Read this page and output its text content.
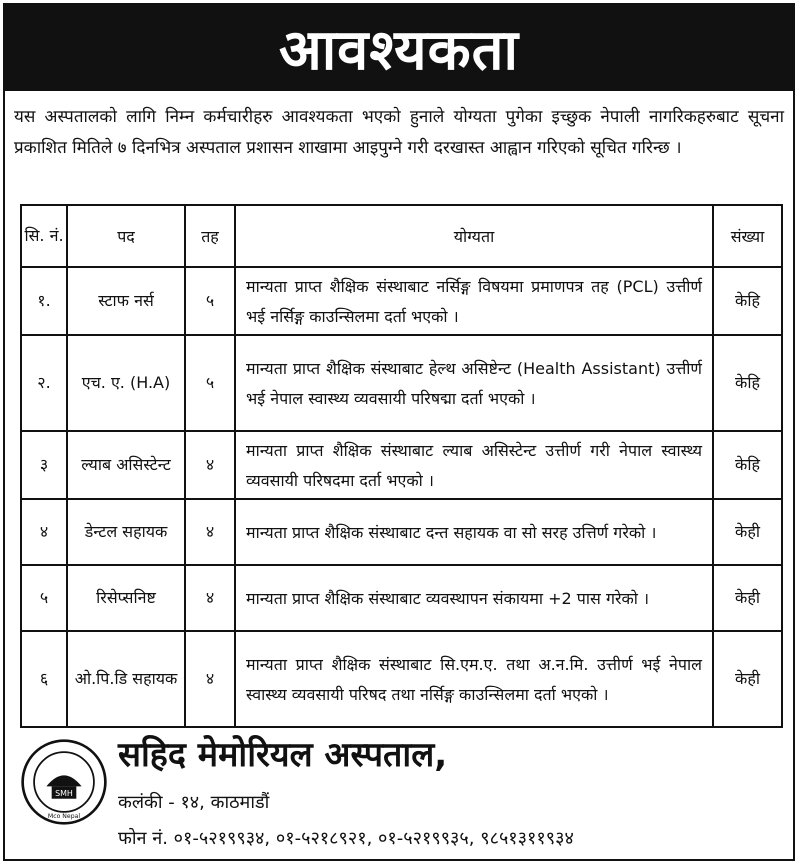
आवश्यकता
यस अस्पतालको लागि निम्न कर्मचारीहरु आवश्यकता भएको हुनाले योग्यता पुगेका इच्छुक नेपाली नागरिकहरुबाट सूचना प्रकाशित मितिले ७ दिनभित्र अस्पताल प्रशासन शाखामा आइपुग्ने गरी दरखास्त आह्वान गरिएको सूचित गरिन्छ ।
सि. नं.	पद	तह	योग्यता	संख्या
१.	स्टाफ नर्स	५	मान्यता प्राप्त शैक्षिक संस्थाबाट नर्सिङ्ग विषयमा प्रमाणपत्र तह (PCL) उत्तीर्ण भई नर्सिङ्ग काउन्सिलमा दर्ता भएको ।	केहि
२.	एच. ए. (H.A)	५	मान्यता प्राप्त शैक्षिक संस्थाबाट हेल्थ असिष्टेन्ट (Health Assistant) उत्तीर्ण भई नेपाल स्वास्थ्य व्यवसायी परिषद्मा दर्ता भएको ।	केहि
३	ल्याब असिस्टेन्ट	४	मान्यता प्राप्त शैक्षिक संस्थाबाट ल्याब असिस्टेन्ट उत्तीर्ण गरी नेपाल स्वास्थ्य व्यवसायी परिषदमा दर्ता भएको ।	केहि
४	डेन्टल सहायक	४	मान्यता प्राप्त शैक्षिक संस्थाबाट दन्त सहायक वा सो सरह उत्तिर्ण गरेको ।	केही
५	रिसेप्सनिष्ट	४	मान्यता प्राप्त शैक्षिक संस्थाबाट व्यवस्थापन संकायमा +2 पास गरेको ।	केही
६	ओ.पि.डि सहायक	४	मान्यता प्राप्त शैक्षिक संस्थाबाट सि.एम.ए. तथा अ.न.मि. उत्तीर्ण भई नेपाल स्वास्थ्य व्यवसायी परिषद तथा नर्सिङ्ग काउन्सिलमा दर्ता भएको ।	केही
SMH
Mco Nepal
सहिद मेमोरियल अस्पताल,
कलंकी - १४, काठमाडौं
फोन नं. ०१-५२१९९३४, ०१-५२१८९२१, ०१-५२१९९३५, ९८५१३११९३४
